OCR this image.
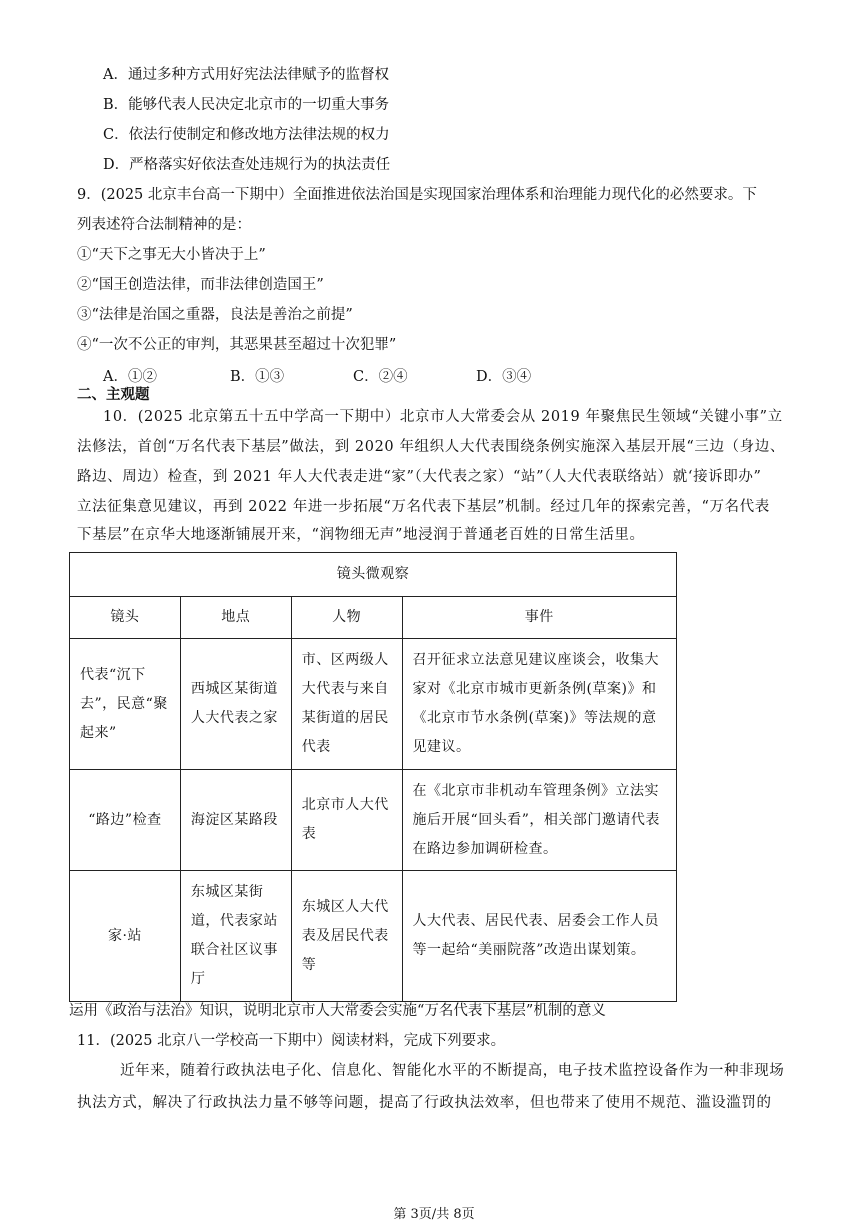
A．通过多种方式用好宪法法律赋予的监督权
B．能够代表人民决定北京市的一切重大事务
C．依法行使制定和修改地方法律法规的权力
D．严格落实好依法查处违规行为的执法责任
9．(2025 北京丰台高一下期中）全面推进依法治国是实现国家治理体系和治理能力现代化的必然要求。下
列表述符合法制精神的是：
①“天下之事无大小皆决于上”
②“国王创造法律，而非法律创造国王”
③“法律是治国之重器，良法是善治之前提”
④“一次不公正的审判，其恶果甚至超过十次犯罪”
A．①②	B．①③	C．②④	D．③④
二、主观题
10．(2025 北京第五十五中学高一下期中）北京市人大常委会从 2019 年聚焦民生领域“关键小事”立
法修法，首创“万名代表下基层”做法，到 2020 年组织人大代表围绕条例实施深入基层开展“三边（身边、
路边、周边）检查，到 2021 年人大代表走进“家”（大代表之家）“站”（人大代表联络站）就‘接诉即办”
立法征集意见建议，再到 2022 年进一步拓展“万名代表下基层”机制。经过几年的探索完善，“万名代表
下基层”在京华大地逐渐铺展开来，“润物细无声”地浸润于普通老百姓的日常生活里。
镜头微观察			
镜头	地点	人物	事件
代表“沉下去”，民意“聚起来”	西城区某街道人大代表之家	市、区两级人大代表与来自某街道的居民代表	召开征求立法意见建议座谈会，收集大家对《北京市城市更新条例(草案)》和《北京市节水条例(草案)》等法规的意见建议。
“路边”检查	海淀区某路段	北京市人大代表	在《北京市非机动车管理条例》立法实施后开展“回头看”，相关部门邀请代表在路边参加调研检查。
家·站	东城区某街道，代表家站联合社区议事厅	东城区人大代表及居民代表等	人大代表、居民代表、居委会工作人员等一起给“美丽院落”改造出谋划策。
运用《政治与法治》知识，说明北京市人大常委会实施“万名代表下基层”机制的意义
11．(2025 北京八一学校高一下期中）阅读材料，完成下列要求。
近年来，随着行政执法电子化、信息化、智能化水平的不断提高，电子技术监控设备作为一种非现场
执法方式，解决了行政执法力量不够等问题，提高了行政执法效率，但也带来了使用不规范、滥设滥罚的
第 3页/共 8页
